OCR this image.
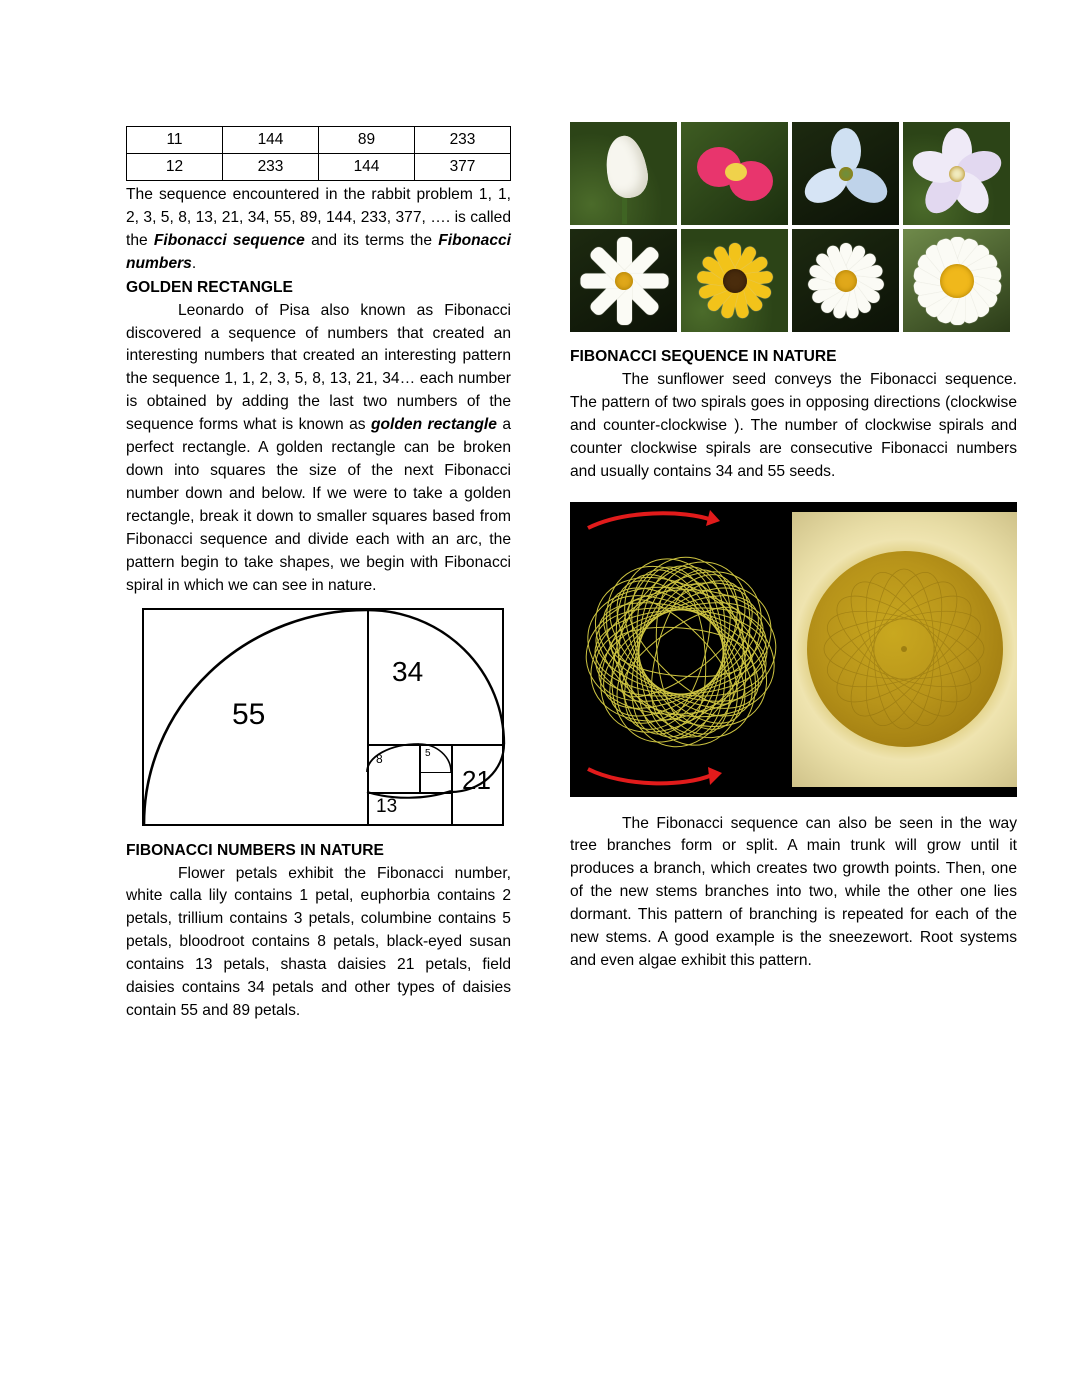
11	144	89	233
12	233	144	377

The sequence encountered in the rabbit problem 1, 1, 2, 3, 5, 8, 13, 21, 34, 55, 89, 144, 233, 377, …. is called the Fibonacci sequence and its terms the Fibonacci numbers.

GOLDEN RECTANGLE

Leonardo of Pisa also known as Fibonacci discovered a sequence of numbers that created an interesting numbers that created an interesting pattern the sequence 1, 1, 2, 3, 5, 8, 13, 21, 34… each number is obtained by adding the last two numbers of the sequence forms what is known as golden rectangle a perfect rectangle. A golden rectangle can be broken down into squares the size of the next Fibonacci number down and below. If we were to take a golden rectangle, break it down to smaller squares based from Fibonacci sequence and divide each with an arc, the pattern begin to take shapes, we begin with Fibonacci spiral in which we can see in nature.

55
34
21
13
8	5
FIBONACCI NUMBERS IN NATURE

Flower petals exhibit the Fibonacci number, white calla lily contains 1 petal, euphorbia contains 2 petals, trillium contains 3 petals, columbine contains 5 petals, bloodroot contains 8 petals, black-eyed susan contains 13 petals, shasta daisies 21 petals, field daisies contains 34 petals and other types of daisies contain 55 and 89 petals.

FIBONACCI SEQUENCE IN NATURE

The sunflower seed conveys the Fibonacci sequence. The pattern of two spirals goes in opposing directions (clockwise and counter-clockwise ). The number of clockwise spirals and counter clockwise spirals are consecutive Fibonacci numbers and usually contains 34 and 55 seeds.

The Fibonacci sequence can also be seen in the way tree branches form or split. A main trunk will grow until it produces a branch, which creates two growth points. Then, one of the new stems branches into two, while the other one lies dormant. This pattern of branching is repeated for each of the new stems. A good example is the sneezewort. Root systems and even algae exhibit this pattern.
